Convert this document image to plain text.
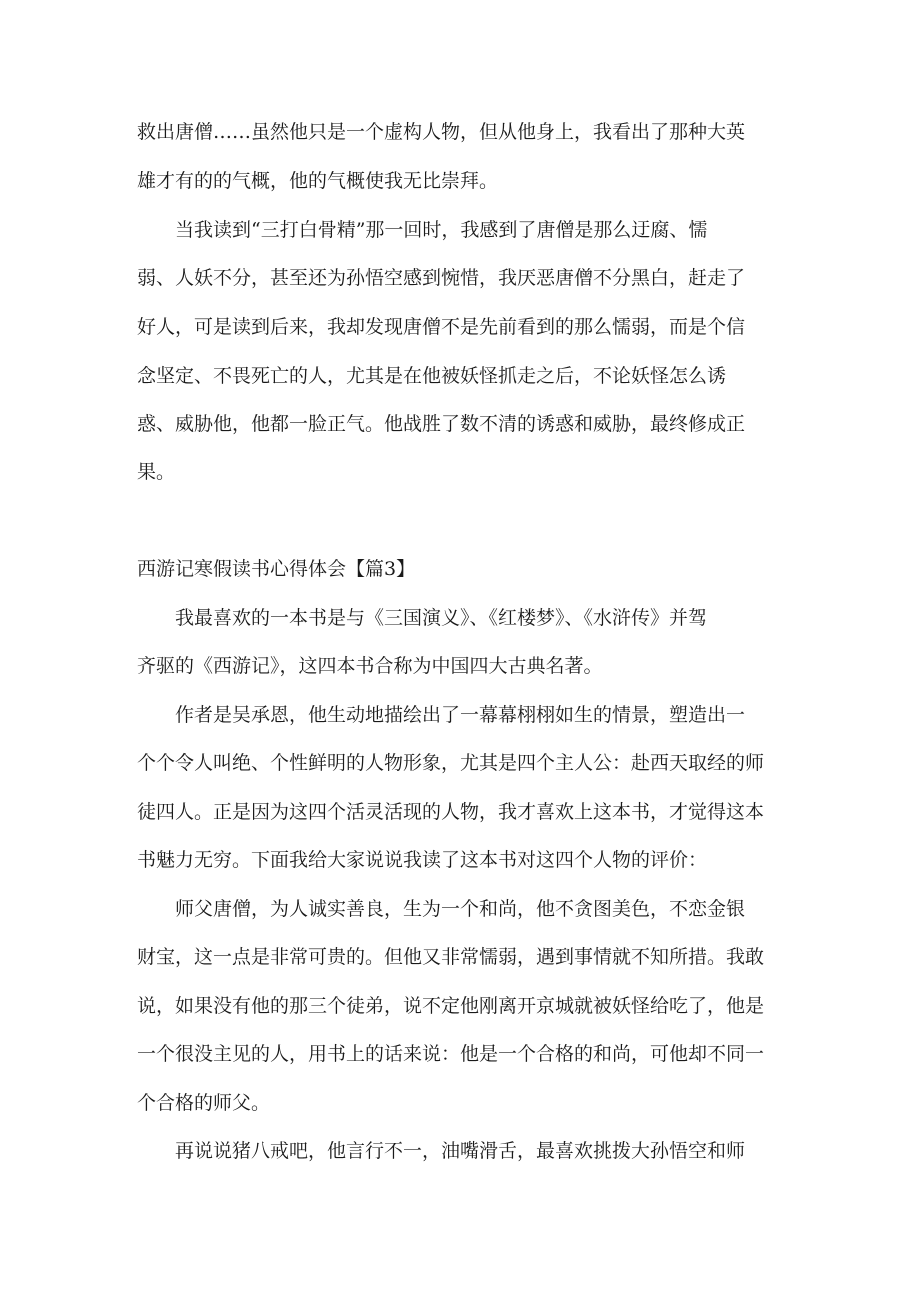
救出唐僧……虽然他只是一个虚构人物，但从他身上，我看出了那种大英
雄才有的的气概，他的气概使我无比崇拜。
当我读到“三打白骨精”那一回时，我感到了唐僧是那么迂腐、懦
弱、人妖不分，甚至还为孙悟空感到惋惜，我厌恶唐僧不分黑白，赶走了
好人，可是读到后来，我却发现唐僧不是先前看到的那么懦弱，而是个信
念坚定、不畏死亡的人，尤其是在他被妖怪抓走之后，不论妖怪怎么诱
惑、威胁他，他都一脸正气。他战胜了数不清的诱惑和威胁，最终修成正
果。
西游记寒假读书心得体会【篇3】
我最喜欢的一本书是与《三国演义》、《红楼梦》、《水浒传》并驾
齐驱的《西游记》，这四本书合称为中国四大古典名著。
作者是吴承恩，他生动地描绘出了一幕幕栩栩如生的情景，塑造出一
个个令人叫绝、个性鲜明的人物形象，尤其是四个主人公：赴西天取经的师
徒四人。正是因为这四个活灵活现的人物，我才喜欢上这本书，才觉得这本
书魅力无穷。下面我给大家说说我读了这本书对这四个人物的评价：
师父唐僧，为人诚实善良，生为一个和尚，他不贪图美色，不恋金银
财宝，这一点是非常可贵的。但他又非常懦弱，遇到事情就不知所措。我敢
说，如果没有他的那三个徒弟，说不定他刚离开京城就被妖怪给吃了，他是
一个很没主见的人，用书上的话来说：他是一个合格的和尚，可他却不同一
个合格的师父。
再说说猪八戒吧，他言行不一，油嘴滑舌，最喜欢挑拨大孙悟空和师
